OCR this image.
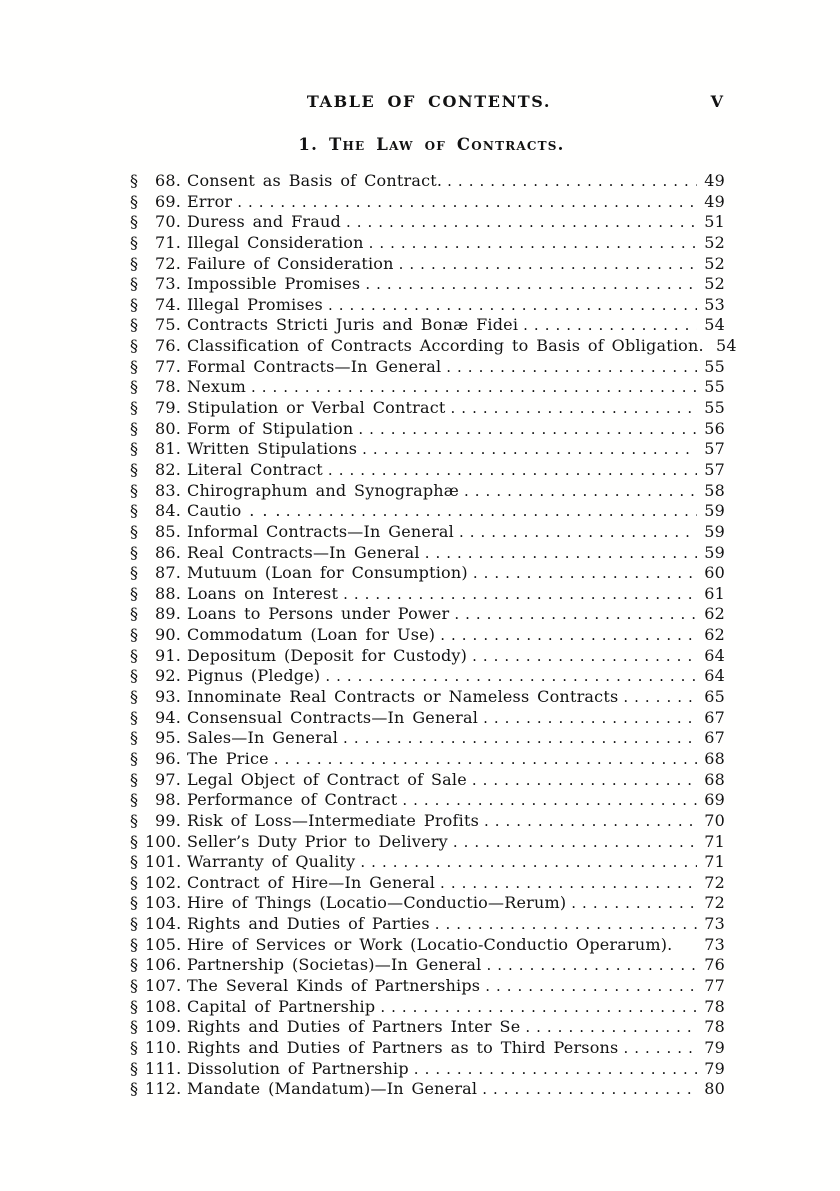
TABLE OF CONTENTS.	V
1. The Law of Contracts.
§	68. Consent as Basis of Contract. .....	49
§	69. Error .....	49
§	70. Duress and Fraud .....	51
§	71. Illegal Consideration .....	52
§	72. Failure of Consideration .....	52
§	73. Impossible Promises .....	52
§	74. Illegal Promises .....	53
§	75. Contracts Stricti Juris and Bonæ Fidei .....	54
§	76. Classification of Contracts According to Basis of Obligation. 54
§	77. Formal Contracts—In General .....	55
§	78. Nexum .....	55
§	79. Stipulation or Verbal Contract .....	55
§	80. Form of Stipulation .....	56
§	81. Written Stipulations .....	57
§	82. Literal Contract .....	57
§	83. Chirographum and Synographæ .....	58
§	84. Cautio . . . .....	59
§	85. Informal Contracts—In General .....	59
§	86. Real Contracts—In General .....	59
§	87. Mutuum (Loan for Consumption) .....	60
§	88. Loans on Interest .....	61
§	89. Loans to Persons under Power .....	62
§	90. Commodatum (Loan for Use) .....	62
§	91. Depositum (Deposit for Custody) .....	64
§	92. Pignus (Pledge) .....	64
§	93. Innominate Real Contracts or Nameless Contracts .....	65
§	94. Consensual Contracts—In General .....	67
§	95. Sales—In General .....	67
§	96. The Price .....	68
§	97. Legal Object of Contract of Sale .....	68
§	98. Performance of Contract .....	69
§	99. Risk of Loss—Intermediate Profits .....	70
§ 100. Seller’s Duty Prior to Delivery .....	71
§ 101. Warranty of Quality .....	71
§ 102. Contract of Hire—In General .....	72
§ 103. Hire of Things (Locatio—Conductio—Rerum) .....	72
§ 104. Rights and Duties of Parties .....	73
§ 105. Hire of Services or Work (Locatio-Conductio Operarum). 73
§ 106. Partnership (Societas)—In General .....	76
§ 107. The Several Kinds of Partnerships .....	77
§ 108. Capital of Partnership .....	78
§ 109. Rights and Duties of Partners Inter Se .....	78
§ 110. Rights and Duties of Partners as to Third Persons .....	79
§ 111. Dissolution of Partnership .....	79
§ 112. Mandate (Mandatum)—In General .....	80
